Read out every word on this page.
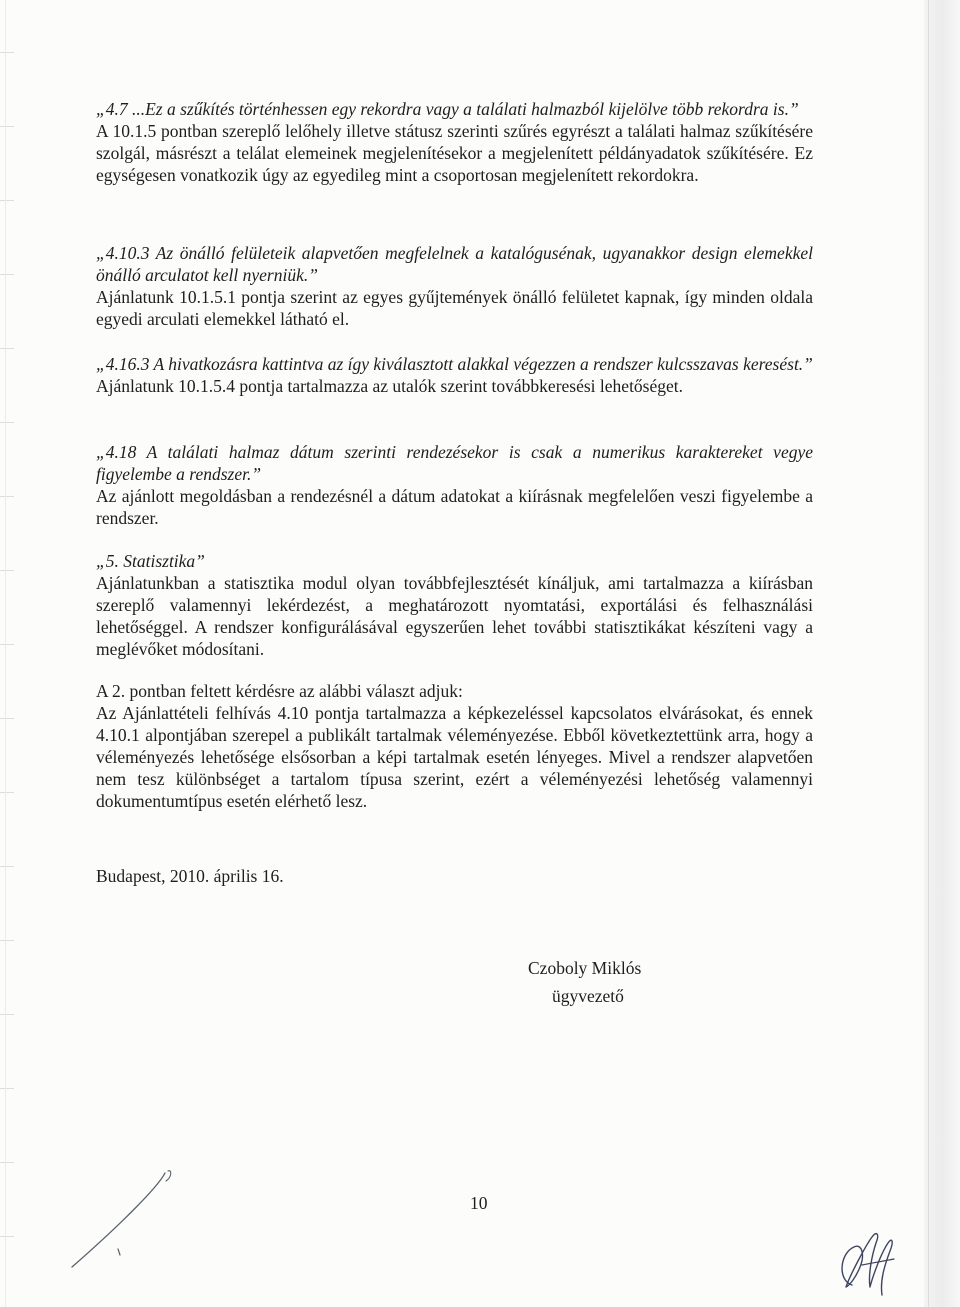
„4.7 ...Ez a szűkítés történhessen egy rekordra vagy a találati halmazból kijelölve több rekordra is.”

A 10.1.5 pontban szereplő lelőhely illetve státusz szerinti szűrés egyrészt a találati halmaz szűkítésére szolgál, másrészt a telálat elemeinek megjelenítésekor a megjelenített példányadatok szűkítésére. Ez egységesen vonatkozik úgy az egyedileg mint a csoportosan megjelenített rekordokra.

„4.10.3 Az önálló felületeik alapvetően megfelelnek a katalógusénak, ugyanakkor design elemekkel önálló arculatot kell nyerniük.”

Ajánlatunk 10.1.5.1 pontja szerint az egyes gyűjtemények önálló felületet kapnak, így minden oldala egyedi arculati elemekkel látható el.

„4.16.3 A hivatkozásra kattintva az így kiválasztott alakkal végezzen a rendszer kulcsszavas keresést.”

Ajánlatunk 10.1.5.4 pontja tartalmazza az utalók szerint továbbkeresési lehetőséget.

„4.18 A találati halmaz dátum szerinti rendezésekor is csak a numerikus karaktereket vegye figyelembe a rendszer.”

Az ajánlott megoldásban a rendezésnél a dátum adatokat a kiírásnak megfelelően veszi figyelembe a rendszer.

„5. Statisztika”

Ajánlatunkban a statisztika modul olyan továbbfejlesztését kínáljuk, ami tartalmazza a kiírásban szereplő valamennyi lekérdezést, a meghatározott nyomtatási, exportálási és felhasználási lehetőséggel. A rendszer konfigurálásával egyszerűen lehet további statisztikákat készíteni vagy a meglévőket módosítani.

A 2. pontban feltett kérdésre az alábbi választ adjuk:

Az Ajánlattételi felhívás 4.10 pontja tartalmazza a képkezeléssel kapcsolatos elvárásokat, és ennek 4.10.1 alpontjában szerepel a publikált tartalmak véleményezése. Ebből következtettünk arra, hogy a véleményezés lehetősége elsősorban a képi tartalmak esetén lényeges. Mivel a rendszer alapvetően nem tesz különbséget a tartalom típusa szerint, ezért a véleményezési lehetőség valamennyi dokumentumtípus esetén elérhető lesz.

Budapest, 2010. április 16.
Czoboly Miklós
ügyvezető
10
